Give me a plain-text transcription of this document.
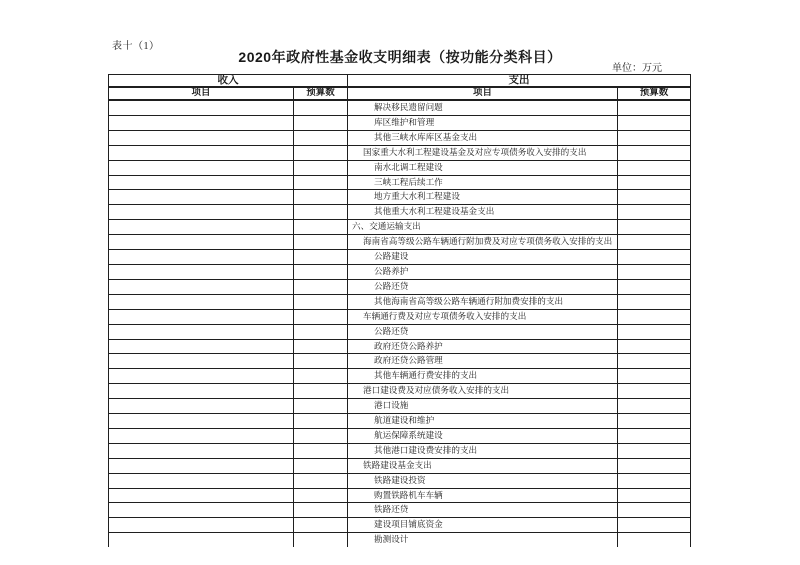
表十（1）
2020年政府性基金收支明细表（按功能分类科目）
单位：万元
收入		支出	
项目	预算数	项目	预算数
		解决移民遗留问题	
		库区维护和管理	
		其他三峡水库库区基金支出	
		国家重大水利工程建设基金及对应专项债务收入安排的支出	
		南水北调工程建设	
		三峡工程后续工作	
		地方重大水利工程建设	
		其他重大水利工程建设基金支出	
		六、交通运输支出	
		海南省高等级公路车辆通行附加费及对应专项债务收入安排的支出	
		公路建设	
		公路养护	
		公路还贷	
		其他海南省高等级公路车辆通行附加费安排的支出	
		车辆通行费及对应专项债务收入安排的支出	
		公路还贷	
		政府还贷公路养护	
		政府还贷公路管理	
		其他车辆通行费安排的支出	
		港口建设费及对应债务收入安排的支出	
		港口设施	
		航道建设和维护	
		航运保障系统建设	
		其他港口建设费安排的支出	
		铁路建设基金支出	
		铁路建设投资	
		购置铁路机车车辆	
		铁路还贷	
		建设项目铺底资金	
		勘测设计	
